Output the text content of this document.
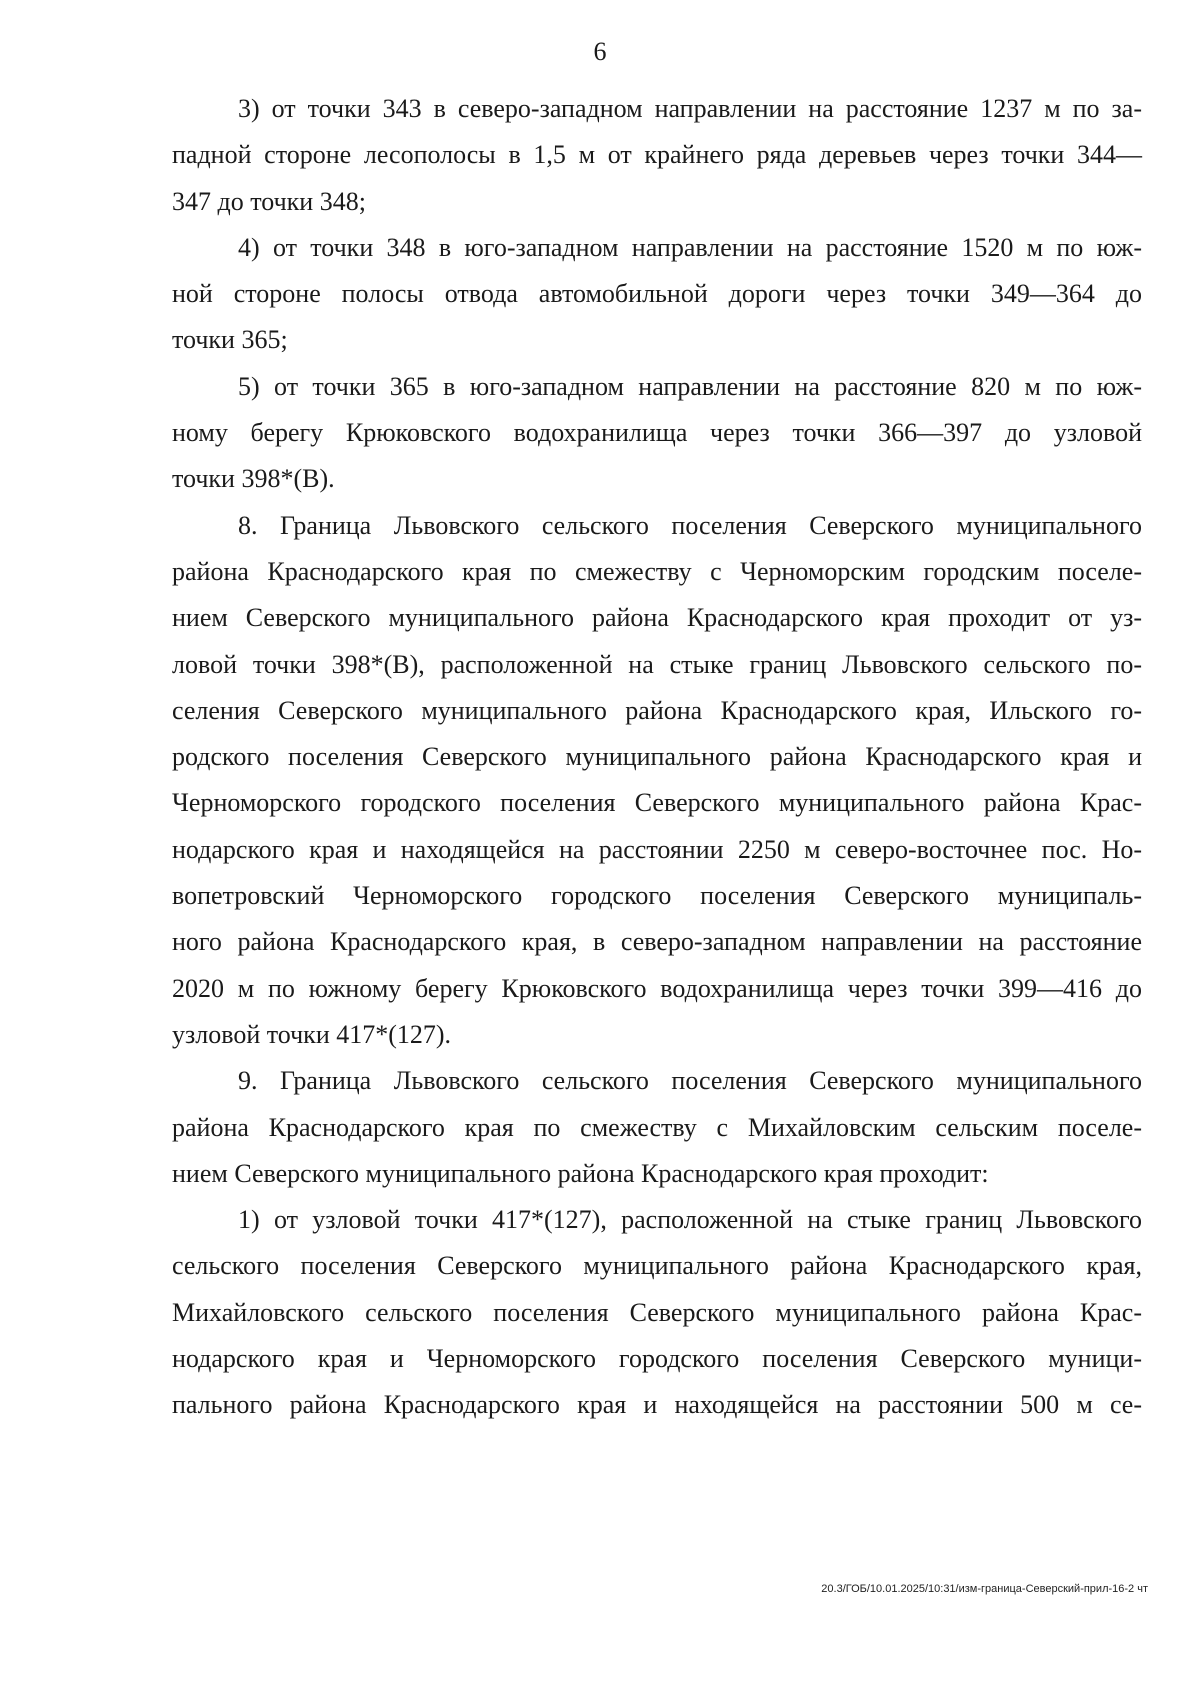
6

3) от точки 343 в северо-западном направлении на расстояние 1237 м по за-
падной стороне лесополосы в 1,5 м от крайнего ряда деревьев через точки 344—
347 до точки 348;

4) от точки 348 в юго-западном направлении на расстояние 1520 м по юж-
ной стороне полосы отвода автомобильной дороги через точки 349—364 до
точки 365;

5) от точки 365 в юго-западном направлении на расстояние 820 м по юж-
ному берегу Крюковского водохранилища через точки 366—397 до узловой
точки 398*(В).

8. Граница Львовского сельского поселения Северского муниципального
района Краснодарского края по смежеству с Черноморским городским поселе-
нием Северского муниципального района Краснодарского края проходит от уз-
ловой точки 398*(В), расположенной на стыке границ Львовского сельского по-
селения Северского муниципального района Краснодарского края, Ильского го-
родского поселения Северского муниципального района Краснодарского края и
Черноморского городского поселения Северского муниципального района Крас-
нодарского края и находящейся на расстоянии 2250 м северо-восточнее пос. Но-
вопетровский Черноморского городского поселения Северского муниципаль-
ного района Краснодарского края, в северо-западном направлении на расстояние
2020 м по южному берегу Крюковского водохранилища через точки 399—416 до
узловой точки 417*(127).

9. Граница Львовского сельского поселения Северского муниципального
района Краснодарского края по смежеству с Михайловским сельским поселе-
нием Северского муниципального района Краснодарского края проходит:

1) от узловой точки 417*(127), расположенной на стыке границ Львовского
сельского поселения Северского муниципального района Краснодарского края,
Михайловского сельского поселения Северского муниципального района Крас-
нодарского края и Черноморского городского поселения Северского муници-
пального района Краснодарского края и находящейся на расстоянии 500 м се-

20.3/ГОБ/10.01.2025/10:31/изм-граница-Северский-прил-16-2 чт
